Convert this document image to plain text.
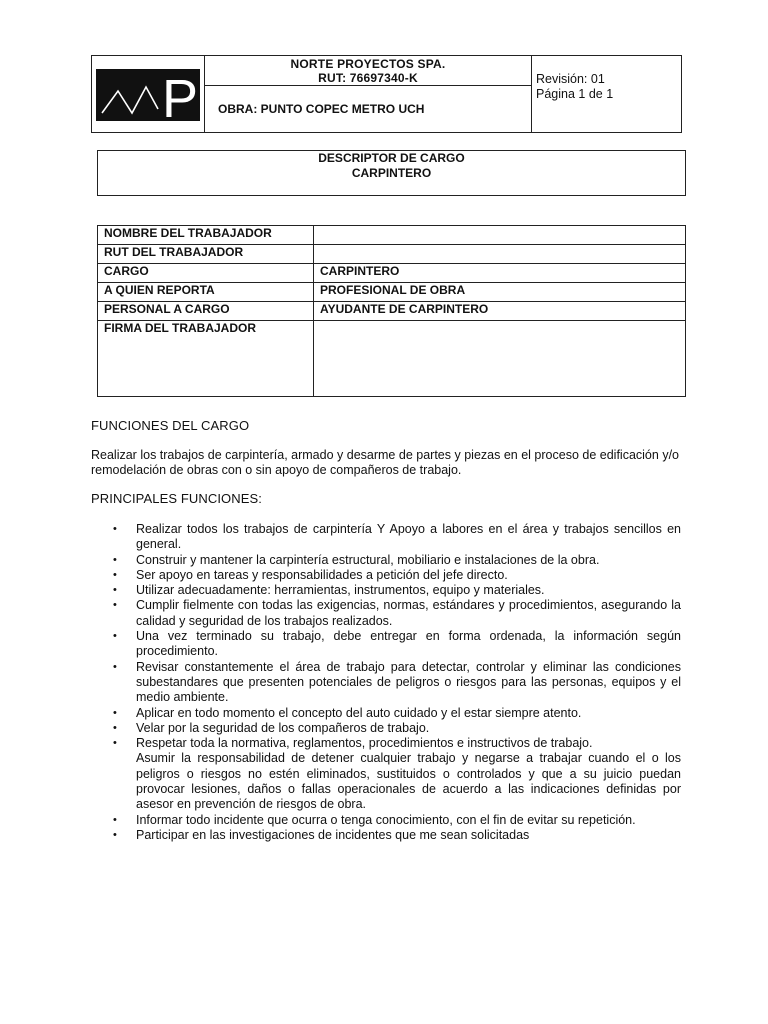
P
NORTE PROYECTOS SPA.
RUT: 76697340-K
OBRA: PUNTO COPEC METRO UCH
Revisión: 01
Página 1 de 1
DESCRIPTOR DE CARGO
CARPINTERO
NOMBRE DEL TRABAJADOR	
RUT DEL TRABAJADOR	
CARGO	CARPINTERO
A QUIEN REPORTA	PROFESIONAL DE OBRA
PERSONAL A CARGO	AYUDANTE DE CARPINTERO
FIRMA DEL TRABAJADOR	
FUNCIONES DEL CARGO
Realizar los trabajos de carpintería, armado y desarme de partes y piezas en el proceso de edificación y/o remodelación de obras con o sin apoyo de compañeros de trabajo.
PRINCIPALES FUNCIONES:
• Realizar todos los trabajos de carpintería Y Apoyo a labores en el área y trabajos sencillos en general.
• Construir y mantener la carpintería estructural, mobiliario e instalaciones de la obra.
• Ser apoyo en tareas y responsabilidades a petición del jefe directo.
• Utilizar adecuadamente: herramientas, instrumentos, equipo y materiales.
• Cumplir fielmente con todas las exigencias, normas, estándares y procedimientos, asegurando la calidad y seguridad de los trabajos realizados.
• Una vez terminado su trabajo, debe entregar en forma ordenada, la información según procedimiento.
• Revisar constantemente el área de trabajo para detectar, controlar y eliminar las condiciones subestandares que presenten potenciales de peligros o riesgos para las personas, equipos y el medio ambiente.
• Aplicar en todo momento el concepto del auto cuidado y el estar siempre atento.
• Velar por la seguridad de los compañeros de trabajo.
• Respetar toda la normativa, reglamentos, procedimientos e instructivos de trabajo.
Asumir la responsabilidad de detener cualquier trabajo y negarse a trabajar cuando el o los peligros o riesgos no estén eliminados, sustituidos o controlados y que a su juicio puedan provocar lesiones, daños o fallas operacionales de acuerdo a las indicaciones definidas por asesor en prevención de riesgos de obra.
• Informar todo incidente que ocurra o tenga conocimiento, con el fin de evitar su repetición.
• Participar en las investigaciones de incidentes que me sean solicitadas
